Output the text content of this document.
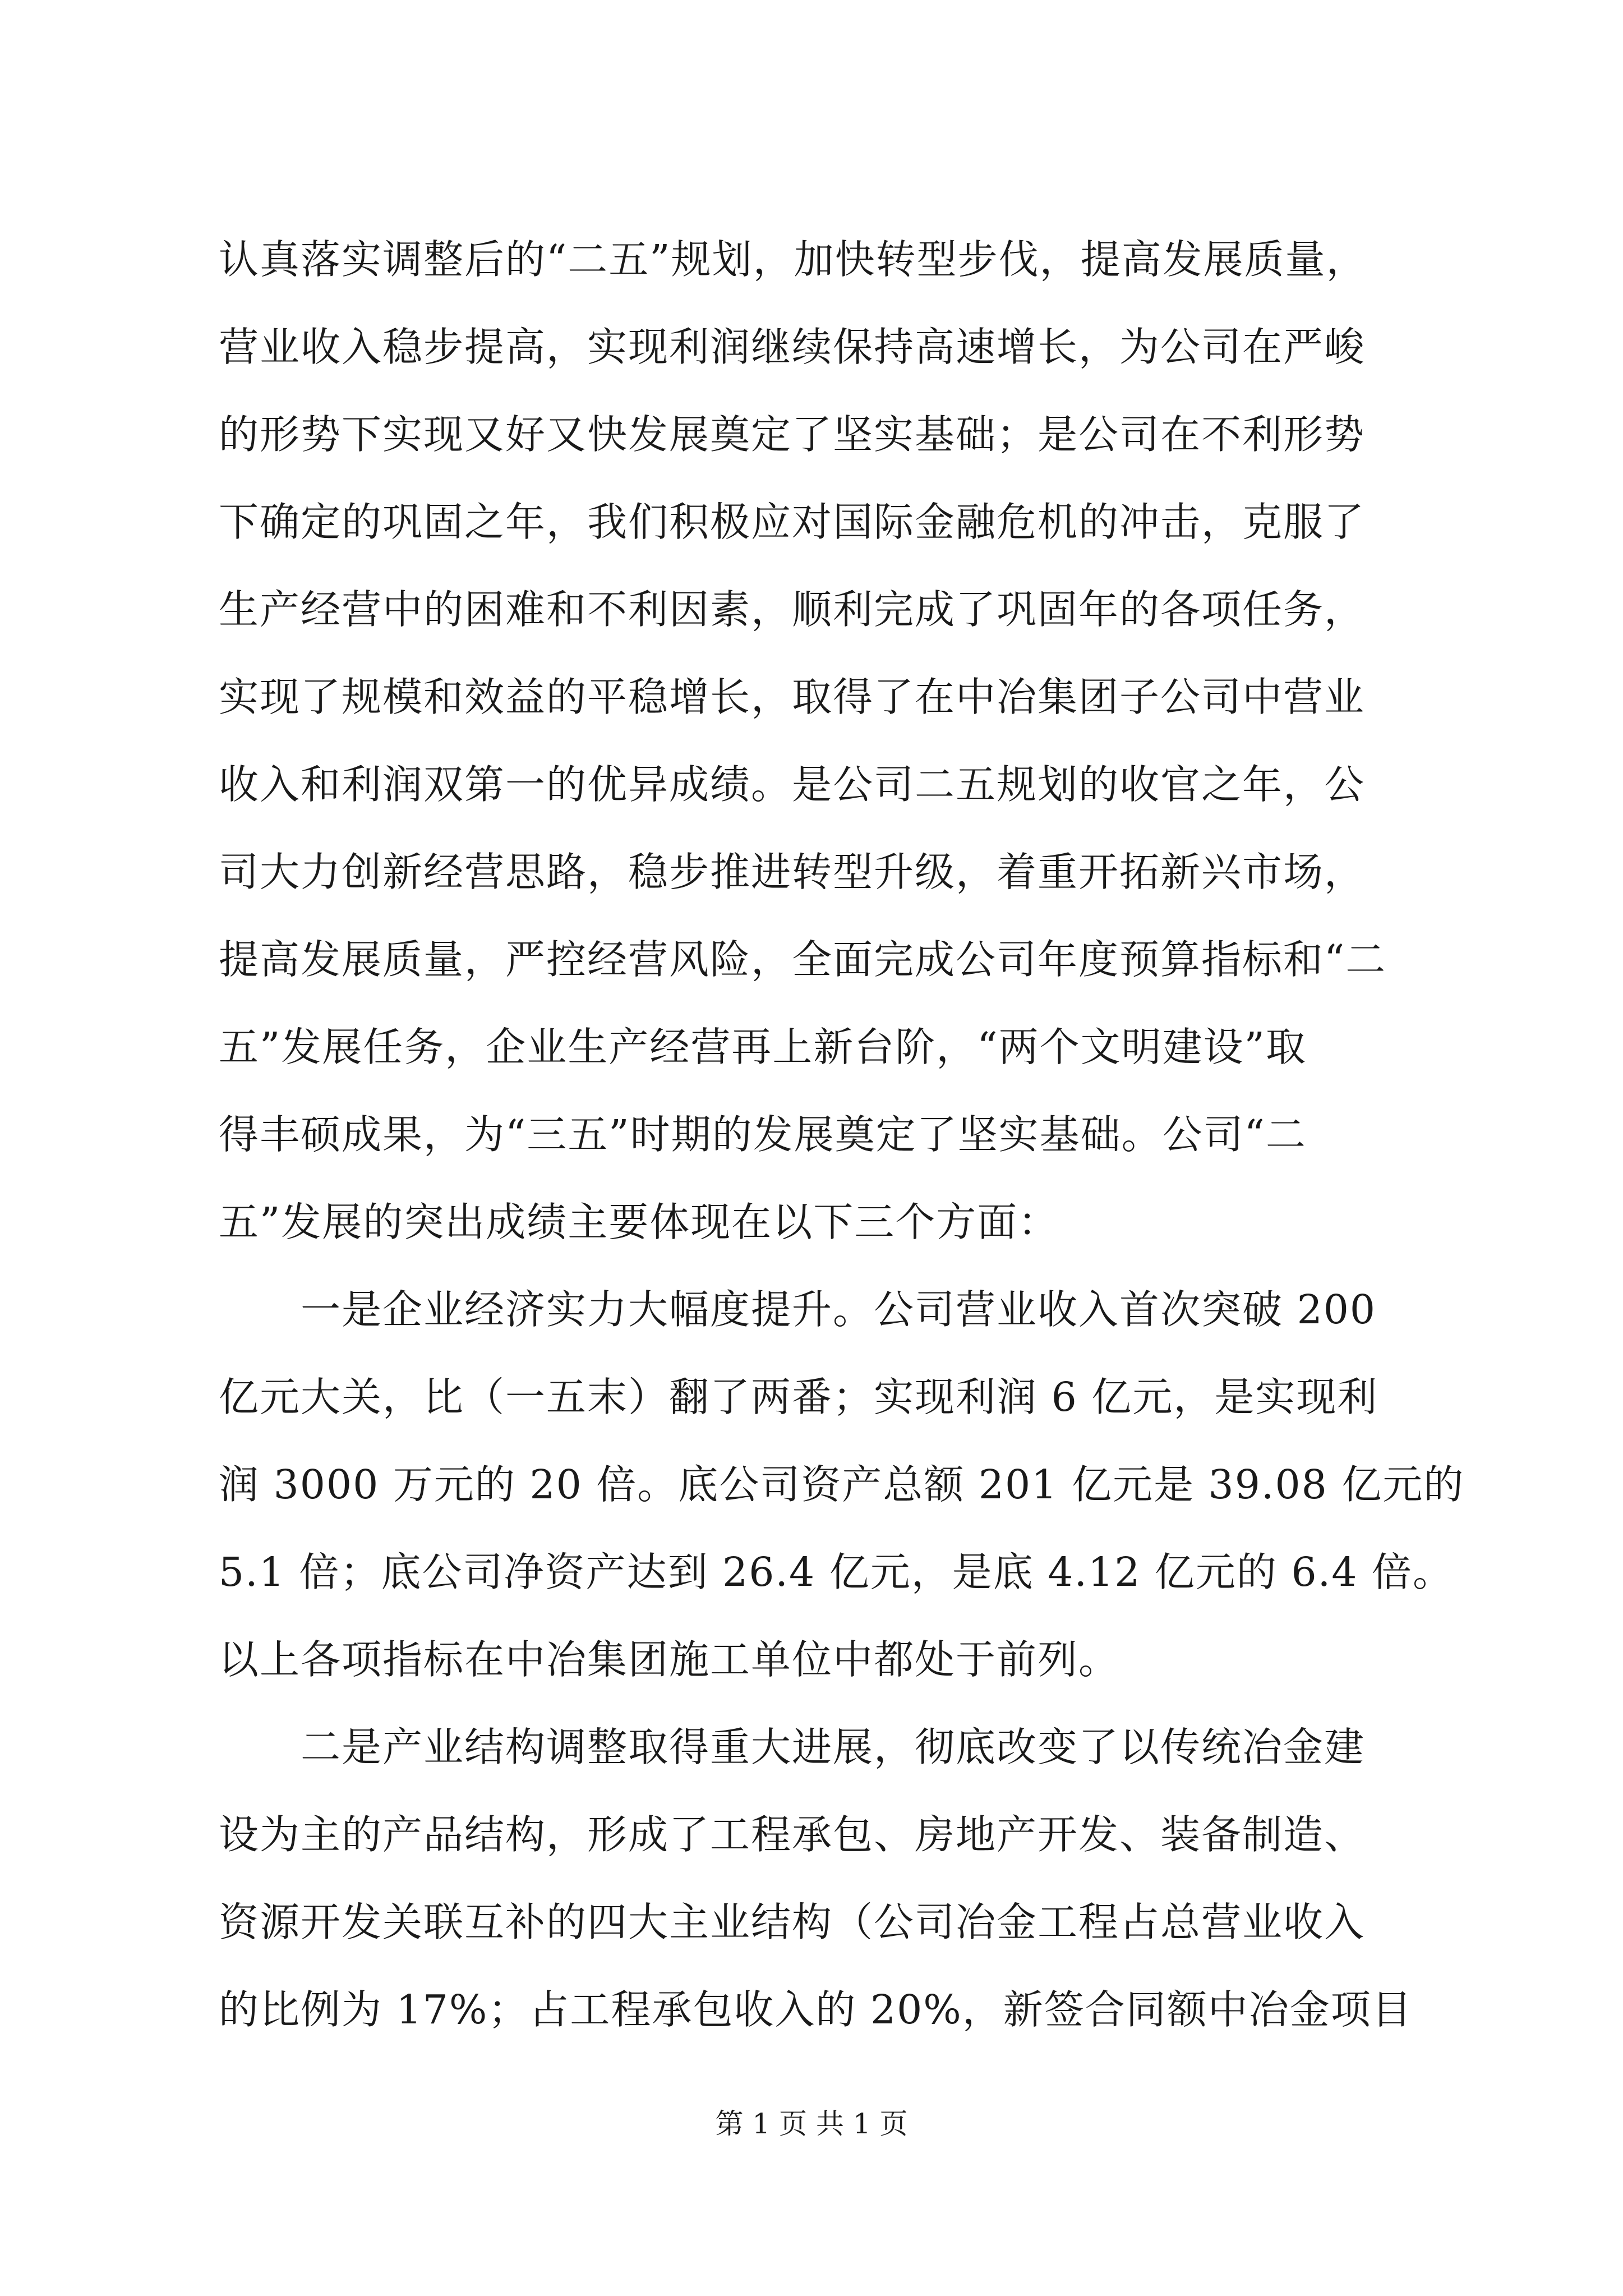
认真落实调整后的“二五”规划，加快转型步伐，提高发展质量，
营业收入稳步提高，实现利润继续保持高速增长，为公司在严峻
的形势下实现又好又快发展奠定了坚实基础；是公司在不利形势
下确定的巩固之年，我们积极应对国际金融危机的冲击，克服了
生产经营中的困难和不利因素，顺利完成了巩固年的各项任务，
实现了规模和效益的平稳增长，取得了在中冶集团子公司中营业
收入和利润双第一的优异成绩。是公司二五规划的收官之年，公
司大力创新经营思路，稳步推进转型升级，着重开拓新兴市场，
提高发展质量，严控经营风险，全面完成公司年度预算指标和“二
五”发展任务，企业生产经营再上新台阶，“两个文明建设”取
得丰硕成果，为“三五”时期的发展奠定了坚实基础。公司“二
五”发展的突出成绩主要体现在以下三个方面：
一是企业经济实力大幅度提升。公司营业收入首次突破 200
亿元大关，比（一五末）翻了两番；实现利润 6 亿元，是实现利
润 3000 万元的 20 倍。底公司资产总额 201 亿元是 39.08 亿元的
5.1 倍；底公司净资产达到 26.4 亿元，是底 4.12 亿元的 6.4 倍。
以上各项指标在中冶集团施工单位中都处于前列。
二是产业结构调整取得重大进展，彻底改变了以传统冶金建
设为主的产品结构，形成了工程承包、房地产开发、装备制造、
资源开发关联互补的四大主业结构（公司冶金工程占总营业收入
的比例为 17%；占工程承包收入的 20%，新签合同额中冶金项目
第 1 页 共 1 页
